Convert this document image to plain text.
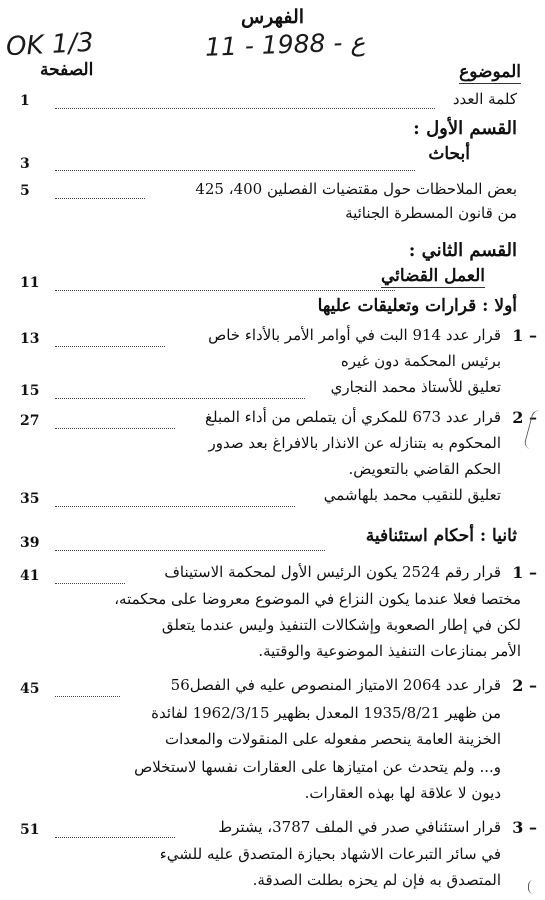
الفهرس
OK 1/3	11 - ع - 1988
الصفحة	الموضوع
كلمة العدد
1
القسم الأول :
أبحاث
3
بعض الملاحظات حول مقتضيات الفصلين 400، 425
5
من قانون المسطرة الجنائية
القسم الثاني :
العمل القضائي
11
أولا : قرارات وتعليقات عليها
1 –
قرار عدد 914 البت في أوامر الأمر بالأداء خاص
13
برئيس المحكمة دون غيره
تعليق للأستاذ محمد النجاري
15
2 –
قرار عدد 673 للمكري أن يتملص من أداء المبلغ
27
المحكوم به بتنازله عن الانذار بالافراغ بعد صدور
الحكم القاضي بالتعويض.
تعليق للنقيب محمد بلهاشمي
35
ثانيا : أحكام استئنافية
39
1 –
قرار رقم 2524 يكون الرئيس الأول لمحكمة الاستيناف
41
مختصا فعلا عندما يكون النزاع في الموضوع معروضا على محكمته،
لكن في إطار الصعوبة وإشكالات التنفيذ وليس عندما يتعلق
الأمر بمنازعات التنفيذ الموضوعية والوقتية.
2 –
قرار عدد 2064 الامتياز المنصوص عليه في الفصل56
45
من ظهير 1935/8/21 المعدل بظهير 1962/3/15 لفائدة
الخزينة العامة ينحصر مفعوله على المنقولات والمعدات
و... ولم يتحدث عن امتيازها على العقارات نفسها لاستخلاص
ديون لا علاقة لها بهذه العقارات.
3 –
قرار استئنافي صدر في الملف 3787، يشترط
51
في سائر التبرعات الاشهاد بحيازة المتصدق عليه للشيء
المتصدق به فإن لم يحزه بطلت الصدقة.
